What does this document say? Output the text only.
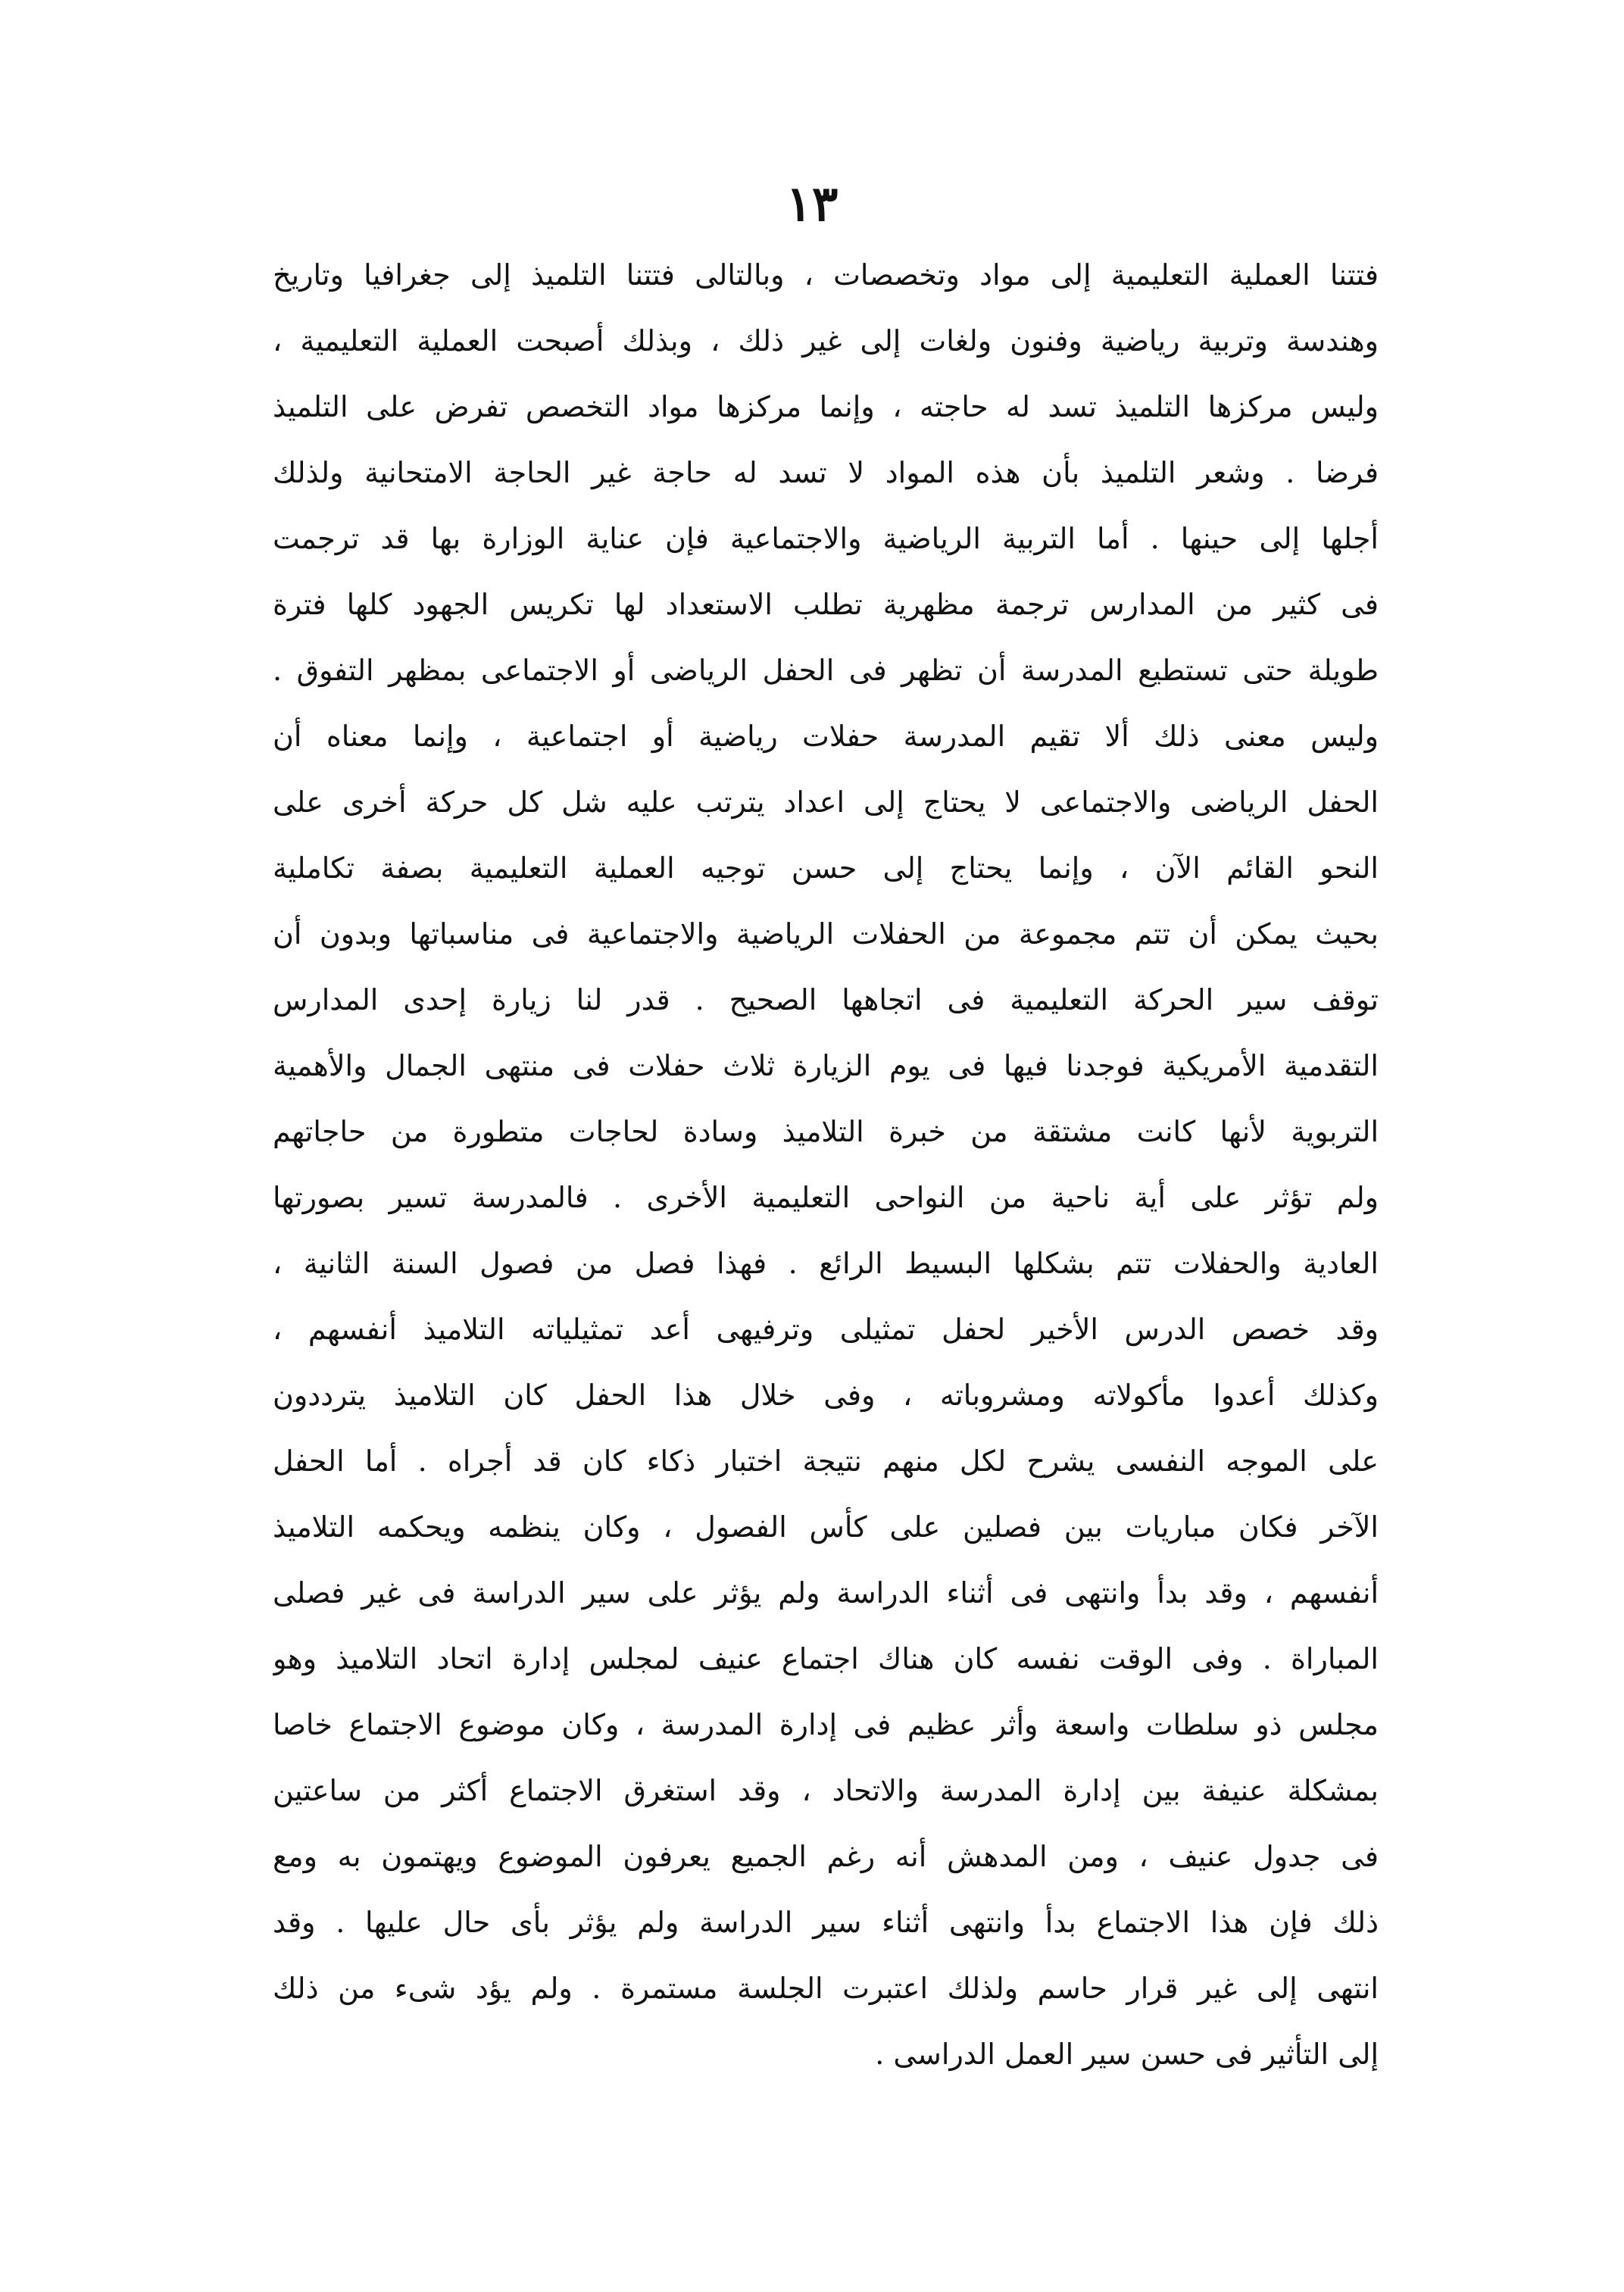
١٣
فتتنا العملية التعليمية إلى مواد وتخصصات ، وبالتالى فتتنا التلميذ إلى جغرافيا وتاريخ
وهندسة وتربية رياضية وفنون ولغات إلى غير ذلك ، وبذلك أصبحت العملية التعليمية ،
وليس مركزها التلميذ تسد له حاجته ، وإنما مركزها مواد التخصص تفرض على التلميذ
فرضا . وشعر التلميذ بأن هذه المواد لا تسد له حاجة غير الحاجة الامتحانية ولذلك
أجلها إلى حينها . أما التربية الرياضية والاجتماعية فإن عناية الوزارة بها قد ترجمت
فى كثير من المدارس ترجمة مظهرية تطلب الاستعداد لها تكريس الجهود كلها فترة
طويلة حتى تستطيع المدرسة أن تظهر فى الحفل الرياضى أو الاجتماعى بمظهر التفوق .
وليس معنى ذلك ألا تقيم المدرسة حفلات رياضية أو اجتماعية ، وإنما معناه أن
الحفل الرياضى والاجتماعى لا يحتاج إلى اعداد يترتب عليه شل كل حركة أخرى على
النحو القائم الآن ، وإنما يحتاج إلى حسن توجيه العملية التعليمية بصفة تكاملية
بحيث يمكن أن تتم مجموعة من الحفلات الرياضية والاجتماعية فى مناسباتها وبدون أن
توقف سير الحركة التعليمية فى اتجاهها الصحيح . قدر لنا زيارة إحدى المدارس
التقدمية الأمريكية فوجدنا فيها فى يوم الزيارة ثلاث حفلات فى منتهى الجمال والأهمية
التربوية لأنها كانت مشتقة من خبرة التلاميذ وسادة لحاجات متطورة من حاجاتهم
ولم تؤثر على أية ناحية من النواحى التعليمية الأخرى . فالمدرسة تسير بصورتها
العادية والحفلات تتم بشكلها البسيط الرائع . فهذا فصل من فصول السنة الثانية ،
وقد خصص الدرس الأخير لحفل تمثيلى وترفيهى أعد تمثيلياته التلاميذ أنفسهم ،
وكذلك أعدوا مأكولاته ومشروباته ، وفى خلال هذا الحفل كان التلاميذ يترددون
على الموجه النفسى يشرح لكل منهم نتيجة اختبار ذكاء كان قد أجراه . أما الحفل
الآخر فكان مباريات بين فصلين على كأس الفصول ، وكان ينظمه ويحكمه التلاميذ
أنفسهم ، وقد بدأ وانتهى فى أثناء الدراسة ولم يؤثر على سير الدراسة فى غير فصلى
المباراة . وفى الوقت نفسه كان هناك اجتماع عنيف لمجلس إدارة اتحاد التلاميذ وهو
مجلس ذو سلطات واسعة وأثر عظيم فى إدارة المدرسة ، وكان موضوع الاجتماع خاصا
بمشكلة عنيفة بين إدارة المدرسة والاتحاد ، وقد استغرق الاجتماع أكثر من ساعتين
فى جدول عنيف ، ومن المدهش أنه رغم الجميع يعرفون الموضوع ويهتمون به ومع
ذلك فإن هذا الاجتماع بدأ وانتهى أثناء سير الدراسة ولم يؤثر بأى حال عليها . وقد
انتهى إلى غير قرار حاسم ولذلك اعتبرت الجلسة مستمرة . ولم يؤد شىء من ذلك
إلى التأثير فى حسن سير العمل الدراسى .
